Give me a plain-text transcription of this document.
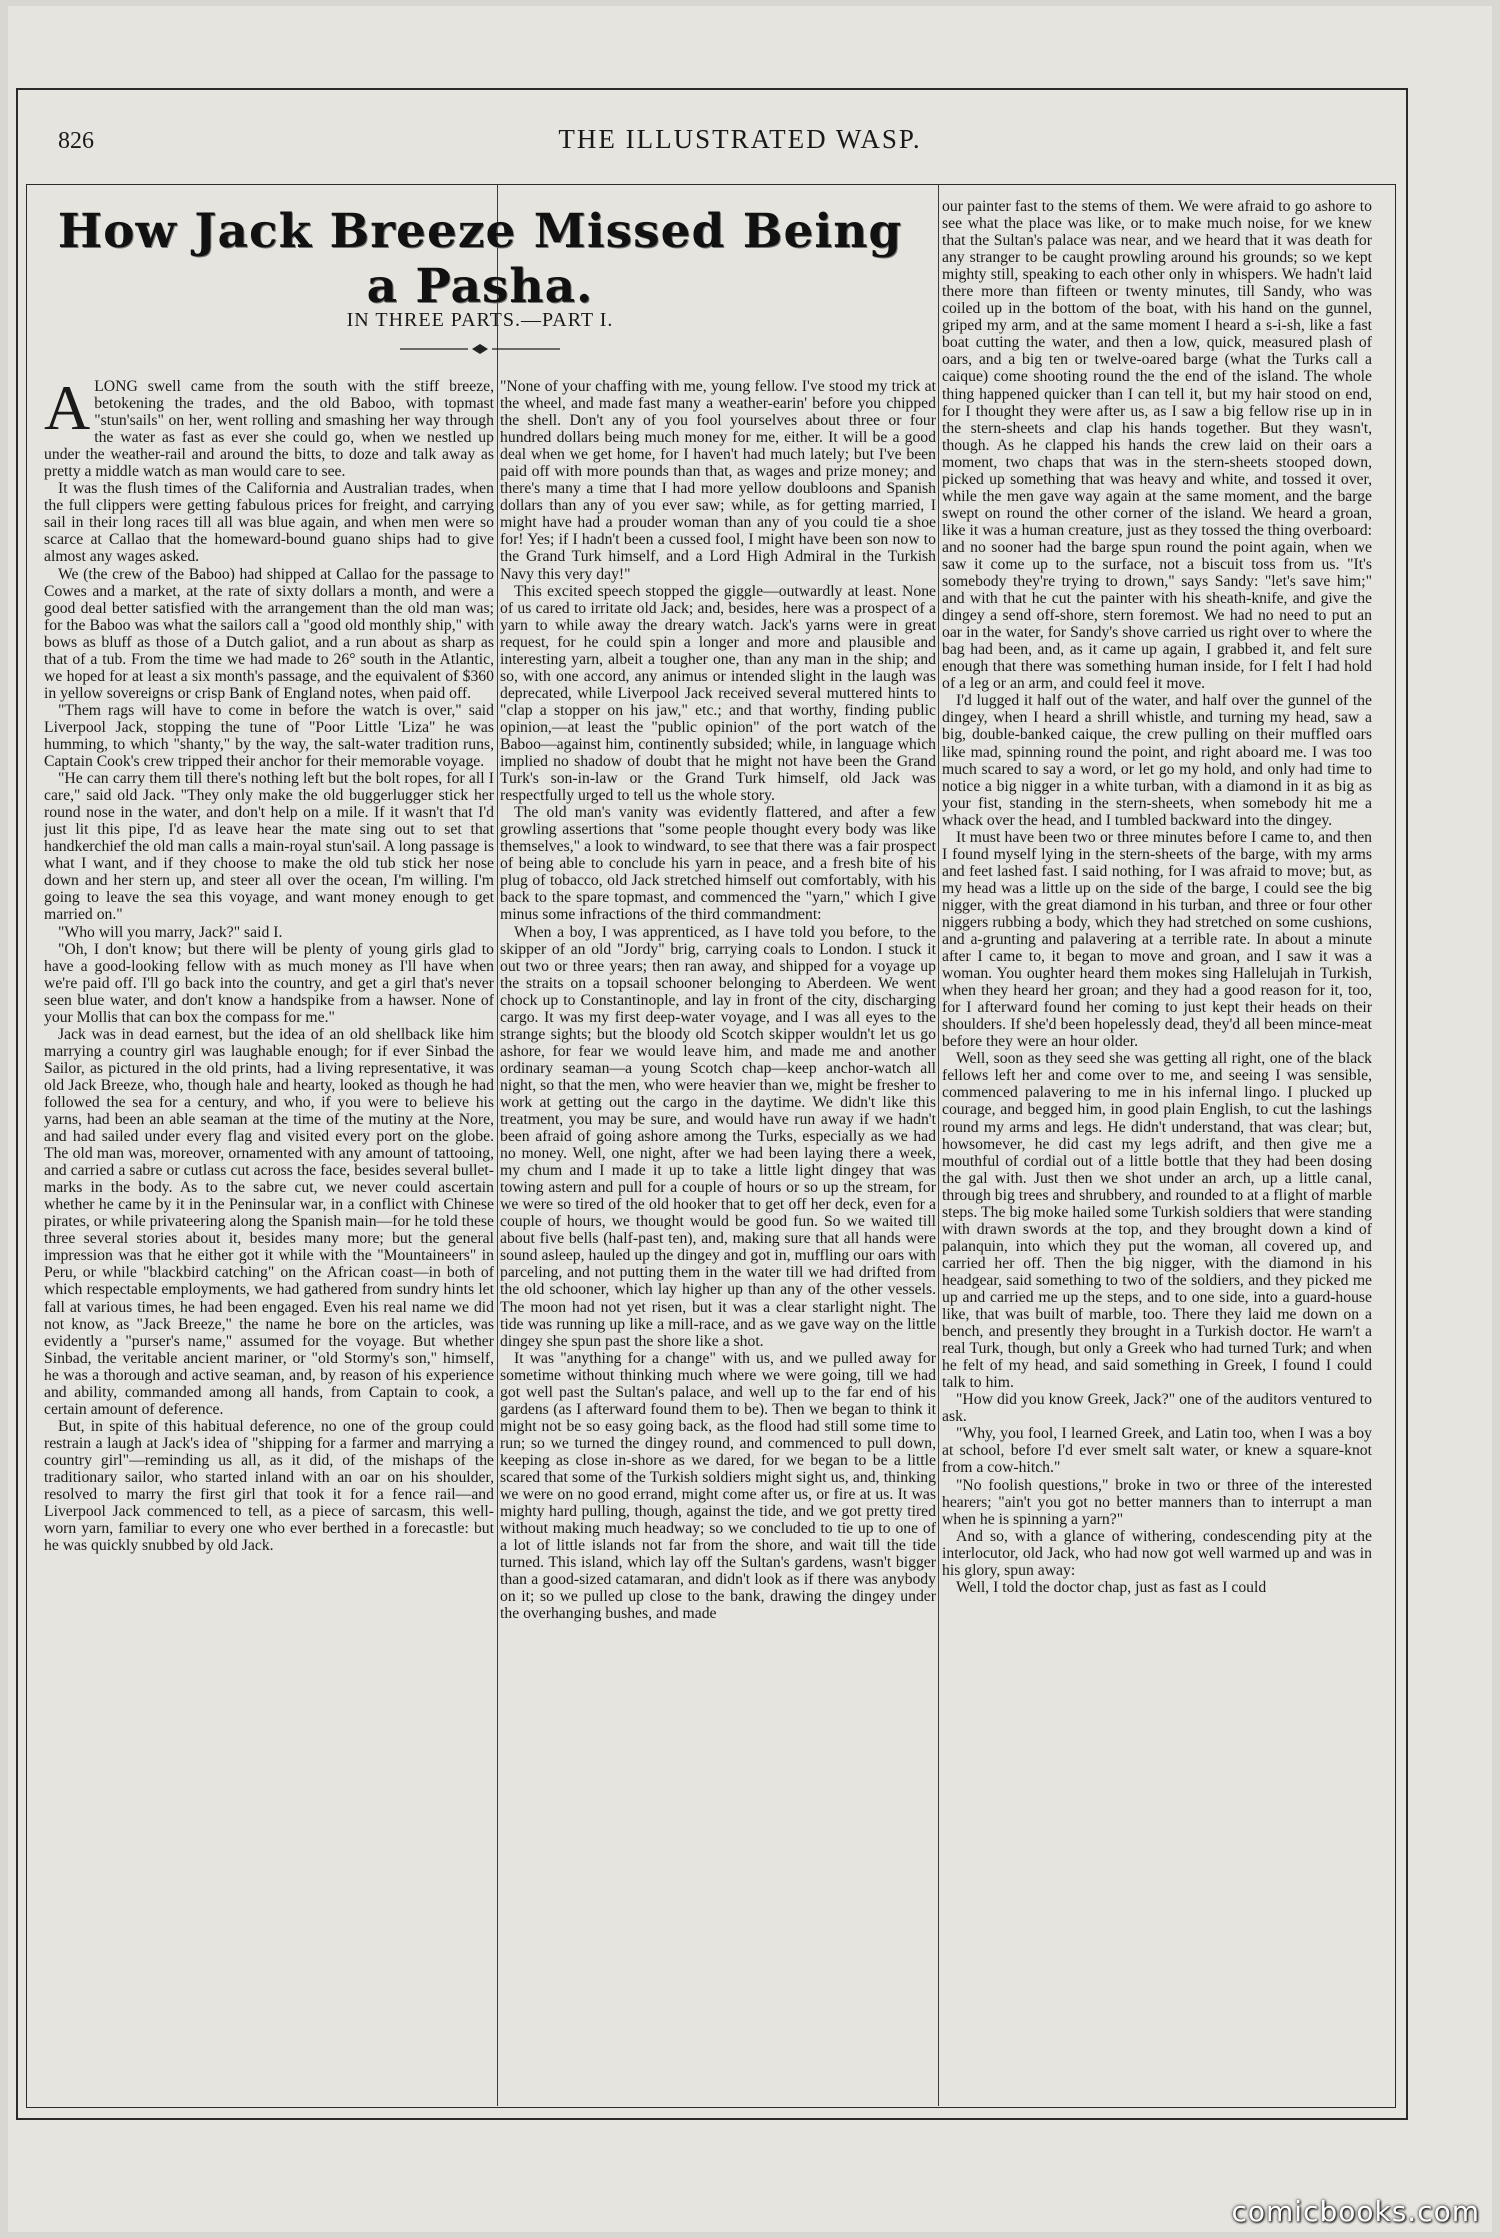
826	THE ILLUSTRATED WASP.
How Jack Breeze Missed Being a Pasha.
IN THREE PARTS.—PART I.

ALONG swell came from the south with the stiff breeze, betokening the trades, and the old Baboo, with topmast "stun'sails" on her, went rolling and smashing her way through the water as fast as ever she could go, when we nestled up under the weather-rail and around the bitts, to doze and talk away as pretty a middle watch as man would care to see.

It was the flush times of the California and Australian trades, when the full clippers were getting fabulous prices for freight, and carrying sail in their long races till all was blue again, and when men were so scarce at Callao that the homeward-bound guano ships had to give almost any wages asked.

We (the crew of the Baboo) had shipped at Callao for the passage to Cowes and a market, at the rate of sixty dollars a month, and were a good deal better satisfied with the arrangement than the old man was; for the Baboo was what the sailors call a "good old monthly ship," with bows as bluff as those of a Dutch galiot, and a run about as sharp as that of a tub. From the time we had made to 26° south in the Atlantic, we hoped for at least a six month's passage, and the equivalent of $360 in yellow sovereigns or crisp Bank of England notes, when paid off.

"Them rags will have to come in before the watch is over," said Liverpool Jack, stopping the tune of "Poor Little 'Liza" he was humming, to which "shanty," by the way, the salt-water tradition runs, Captain Cook's crew tripped their anchor for their memorable voyage.

"He can carry them till there's nothing left but the bolt ropes, for all I care," said old Jack. "They only make the old buggerlugger stick her round nose in the water, and don't help on a mile. If it wasn't that I'd just lit this pipe, I'd as leave hear the mate sing out to set that handkerchief the old man calls a main-royal stun'sail. A long passage is what I want, and if they choose to make the old tub stick her nose down and her stern up, and steer all over the ocean, I'm willing. I'm going to leave the sea this voyage, and want money enough to get married on."

"Who will you marry, Jack?" said I.

"Oh, I don't know; but there will be plenty of young girls glad to have a good-looking fellow with as much money as I'll have when we're paid off. I'll go back into the country, and get a girl that's never seen blue water, and don't know a handspike from a hawser. None of your Mollis that can box the compass for me."

Jack was in dead earnest, but the idea of an old shellback like him marrying a country girl was laughable enough; for if ever Sinbad the Sailor, as pictured in the old prints, had a living representative, it was old Jack Breeze, who, though hale and hearty, looked as though he had followed the sea for a century, and who, if you were to believe his yarns, had been an able seaman at the time of the mutiny at the Nore, and had sailed under every flag and visited every port on the globe. The old man was, moreover, ornamented with any amount of tattooing, and carried a sabre or cutlass cut across the face, besides several bullet-marks in the body. As to the sabre cut, we never could ascertain whether he came by it in the Peninsular war, in a conflict with Chinese pirates, or while privateering along the Spanish main—for he told these three several stories about it, besides many more; but the general impression was that he either got it while with the "Mountaineers" in Peru, or while "blackbird catching" on the African coast—in both of which respectable employments, we had gathered from sundry hints let fall at various times, he had been engaged. Even his real name we did not know, as "Jack Breeze," the name he bore on the articles, was evidently a "purser's name," assumed for the voyage. But whether Sinbad, the veritable ancient mariner, or "old Stormy's son," himself, he was a thorough and active seaman, and, by reason of his experience and ability, commanded among all hands, from Captain to cook, a certain amount of deference.

But, in spite of this habitual deference, no one of the group could restrain a laugh at Jack's idea of "shipping for a farmer and marrying a country girl"—reminding us all, as it did, of the mishaps of the traditionary sailor, who started inland with an oar on his shoulder, resolved to marry the first girl that took it for a fence rail—and Liverpool Jack commenced to tell, as a piece of sarcasm, this well-worn yarn, familiar to every one who ever berthed in a forecastle: but he was quickly snubbed by old Jack.

"None of your chaffing with me, young fellow. I've stood my trick at the wheel, and made fast many a weather-earin' before you chipped the shell. Don't any of you fool yourselves about three or four hundred dollars being much money for me, either. It will be a good deal when we get home, for I haven't had much lately; but I've been paid off with more pounds than that, as wages and prize money; and there's many a time that I had more yellow doubloons and Spanish dollars than any of you ever saw; while, as for getting married, I might have had a prouder woman than any of you could tie a shoe for! Yes; if I hadn't been a cussed fool, I might have been son now to the Grand Turk himself, and a Lord High Admiral in the Turkish Navy this very day!"

This excited speech stopped the giggle—outwardly at least. None of us cared to irritate old Jack; and, besides, here was a prospect of a yarn to while away the dreary watch. Jack's yarns were in great request, for he could spin a longer and more and plausible and interesting yarn, albeit a tougher one, than any man in the ship; and so, with one accord, any animus or intended slight in the laugh was deprecated, while Liverpool Jack received several muttered hints to "clap a stopper on his jaw," etc.; and that worthy, finding public opinion,—at least the "public opinion" of the port watch of the Baboo—against him, continently subsided; while, in language which implied no shadow of doubt that he might not have been the Grand Turk's son-in-law or the Grand Turk himself, old Jack was respectfully urged to tell us the whole story.

The old man's vanity was evidently flattered, and after a few growling assertions that "some people thought every body was like themselves," a look to windward, to see that there was a fair prospect of being able to conclude his yarn in peace, and a fresh bite of his plug of tobacco, old Jack stretched himself out comfortably, with his back to the spare topmast, and commenced the "yarn," which I give minus some infractions of the third commandment:

When a boy, I was apprenticed, as I have told you before, to the skipper of an old "Jordy" brig, carrying coals to London. I stuck it out two or three years; then ran away, and shipped for a voyage up the straits on a topsail schooner belonging to Aberdeen. We went chock up to Constantinople, and lay in front of the city, discharging cargo. It was my first deep-water voyage, and I was all eyes to the strange sights; but the bloody old Scotch skipper wouldn't let us go ashore, for fear we would leave him, and made me and another ordinary seaman—a young Scotch chap—keep anchor-watch all night, so that the men, who were heavier than we, might be fresher to work at getting out the cargo in the daytime. We didn't like this treatment, you may be sure, and would have run away if we hadn't been afraid of going ashore among the Turks, especially as we had no money. Well, one night, after we had been laying there a week, my chum and I made it up to take a little light dingey that was towing astern and pull for a couple of hours or so up the stream, for we were so tired of the old hooker that to get off her deck, even for a couple of hours, we thought would be good fun. So we waited till about five bells (half-past ten), and, making sure that all hands were sound asleep, hauled up the dingey and got in, muffling our oars with parceling, and not putting them in the water till we had drifted from the old schooner, which lay higher up than any of the other vessels. The moon had not yet risen, but it was a clear starlight night. The tide was running up like a mill-race, and as we gave way on the little dingey she spun past the shore like a shot.

It was "anything for a change" with us, and we pulled away for sometime without thinking much where we were going, till we had got well past the Sultan's palace, and well up to the far end of his gardens (as I afterward found them to be). Then we began to think it might not be so easy going back, as the flood had still some time to run; so we turned the dingey round, and commenced to pull down, keeping as close in-shore as we dared, for we began to be a little scared that some of the Turkish soldiers might sight us, and, thinking we were on no good errand, might come after us, or fire at us. It was mighty hard pulling, though, against the tide, and we got pretty tired without making much headway; so we concluded to tie up to one of a lot of little islands not far from the shore, and wait till the tide turned. This island, which lay off the Sultan's gardens, wasn't bigger than a good-sized catamaran, and didn't look as if there was anybody on it; so we pulled up close to the bank, drawing the dingey under the overhanging bushes, and made

our painter fast to the stems of them. We were afraid to go ashore to see what the place was like, or to make much noise, for we knew that the Sultan's palace was near, and we heard that it was death for any stranger to be caught prowling around his grounds; so we kept mighty still, speaking to each other only in whispers. We hadn't laid there more than fifteen or twenty minutes, till Sandy, who was coiled up in the bottom of the boat, with his hand on the gunnel, griped my arm, and at the same moment I heard a s-i-sh, like a fast boat cutting the water, and then a low, quick, measured plash of oars, and a big ten or twelve-oared barge (what the Turks call a caique) come shooting round the the end of the island. The whole thing happened quicker than I can tell it, but my hair stood on end, for I thought they were after us, as I saw a big fellow rise up in in the stern-sheets and clap his hands together. But they wasn't, though. As he clapped his hands the crew laid on their oars a moment, two chaps that was in the stern-sheets stooped down, picked up something that was heavy and white, and tossed it over, while the men gave way again at the same moment, and the barge swept on round the other corner of the island. We heard a groan, like it was a human creature, just as they tossed the thing overboard: and no sooner had the barge spun round the point again, when we saw it come up to the surface, not a biscuit toss from us. "It's somebody they're trying to drown," says Sandy: "let's save him;" and with that he cut the painter with his sheath-knife, and give the dingey a send off-shore, stern foremost. We had no need to put an oar in the water, for Sandy's shove carried us right over to where the bag had been, and, as it came up again, I grabbed it, and felt sure enough that there was something human inside, for I felt I had hold of a leg or an arm, and could feel it move.

I'd lugged it half out of the water, and half over the gunnel of the dingey, when I heard a shrill whistle, and turning my head, saw a big, double-banked caique, the crew pulling on their muffled oars like mad, spinning round the point, and right aboard me. I was too much scared to say a word, or let go my hold, and only had time to notice a big nigger in a white turban, with a diamond in it as big as your fist, standing in the stern-sheets, when somebody hit me a whack over the head, and I tumbled backward into the dingey.

It must have been two or three minutes before I came to, and then I found myself lying in the stern-sheets of the barge, with my arms and feet lashed fast. I said nothing, for I was afraid to move; but, as my head was a little up on the side of the barge, I could see the big nigger, with the great diamond in his turban, and three or four other niggers rubbing a body, which they had stretched on some cushions, and a-grunting and palavering at a terrible rate. In about a minute after I came to, it began to move and groan, and I saw it was a woman. You oughter heard them mokes sing Hallelujah in Turkish, when they heard her groan; and they had a good reason for it, too, for I afterward found her coming to just kept their heads on their shoulders. If she'd been hopelessly dead, they'd all been mince-meat before they were an hour older.

Well, soon as they seed she was getting all right, one of the black fellows left her and come over to me, and seeing I was sensible, commenced palavering to me in his infernal lingo. I plucked up courage, and begged him, in good plain English, to cut the lashings round my arms and legs. He didn't understand, that was clear; but, howsomever, he did cast my legs adrift, and then give me a mouthful of cordial out of a little bottle that they had been dosing the gal with. Just then we shot under an arch, up a little canal, through big trees and shrubbery, and rounded to at a flight of marble steps. The big moke hailed some Turkish soldiers that were standing with drawn swords at the top, and they brought down a kind of palanquin, into which they put the woman, all covered up, and carried her off. Then the big nigger, with the diamond in his headgear, said something to two of the soldiers, and they picked me up and carried me up the steps, and to one side, into a guard-house like, that was built of marble, too. There they laid me down on a bench, and presently they brought in a Turkish doctor. He warn't a real Turk, though, but only a Greek who had turned Turk; and when he felt of my head, and said something in Greek, I found I could talk to him.

"How did you know Greek, Jack?" one of the auditors ventured to ask.

"Why, you fool, I learned Greek, and Latin too, when I was a boy at school, before I'd ever smelt salt water, or knew a square-knot from a cow-hitch."

"No foolish questions," broke in two or three of the interested hearers; "ain't you got no better manners than to interrupt a man when he is spinning a yarn?"

And so, with a glance of withering, condescending pity at the interlocutor, old Jack, who had now got well warmed up and was in his glory, spun away:

Well, I told the doctor chap, just as fast as I could

comicbooks.com
